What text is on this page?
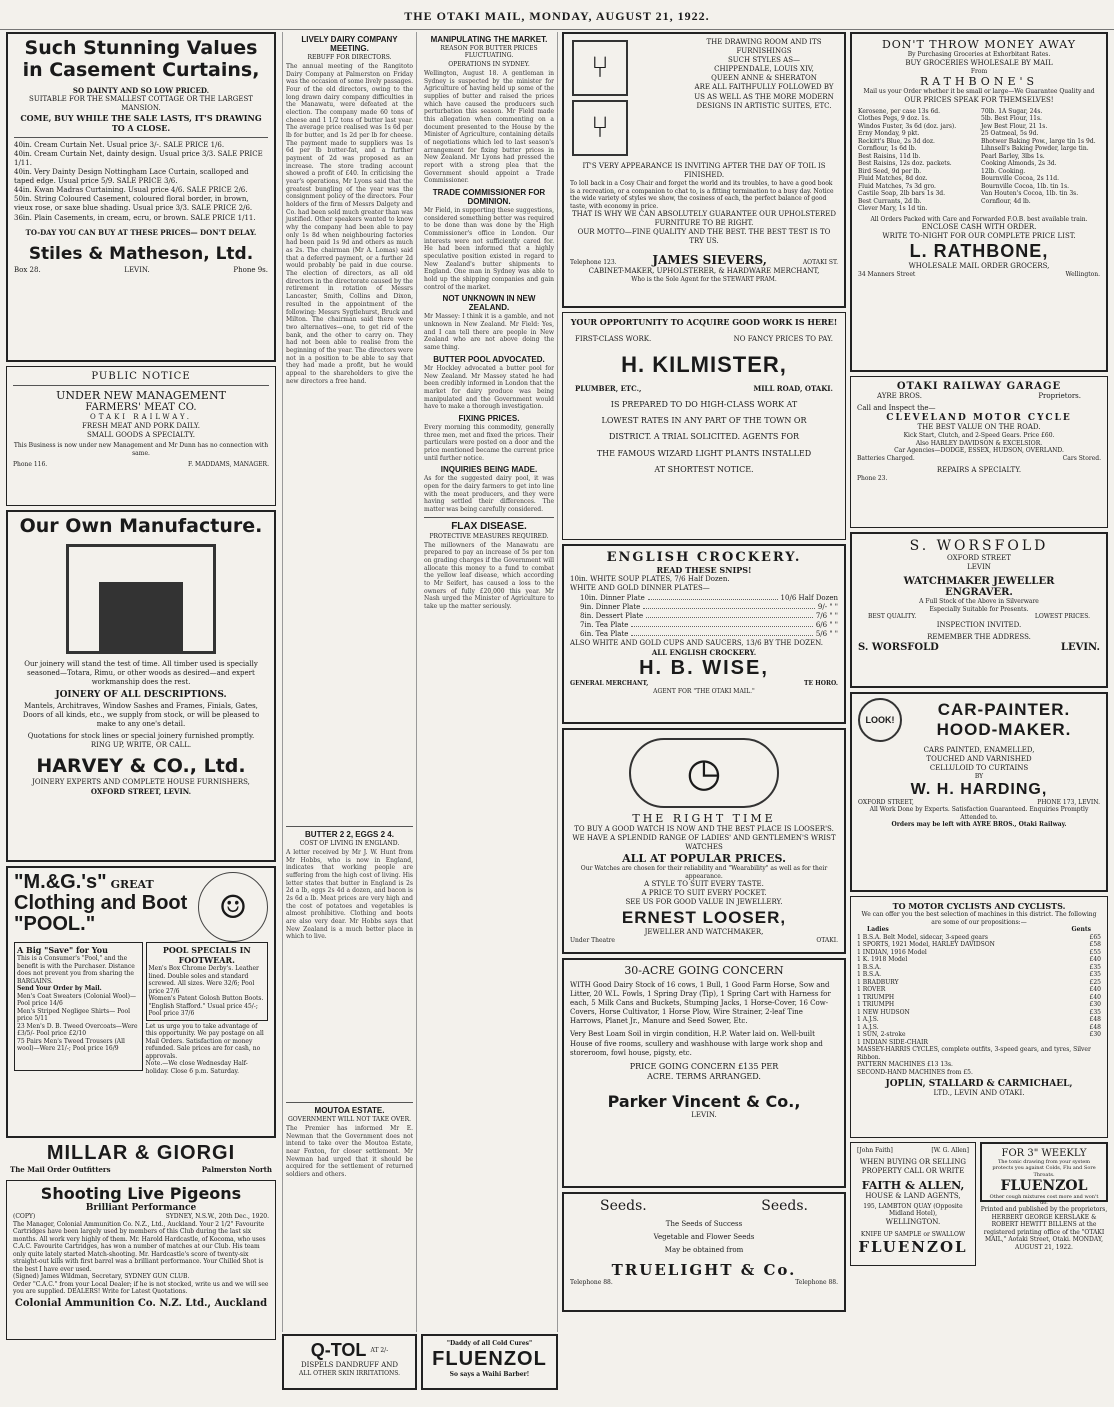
THE OTAKI MAIL, MONDAY, AUGUST 21, 1922.
Such Stunning Values in Casement Curtains,
SO DAINTY AND SO LOW PRICED.
SUITABLE FOR THE SMALLEST COTTAGE OR THE LARGEST MANSION.
COME, BUY WHILE THE SALE LASTS, IT'S DRAWING TO A CLOSE.
40in. Cream Curtain Net. Usual price 3/-. SALE PRICE 1/6.
40in. Cream Curtain Net, dainty design. Usual price 3/3. SALE PRICE 1/11.
40in. Very Dainty Design Nottingham Lace Curtain, scalloped and taped edge. Usual price 5/9. SALE PRICE 3/6.
44in. Kwan Madras Curtaining. Usual price 4/6. SALE PRICE 2/6.
50in. String Coloured Casement, coloured floral border, in brown, vieux rose, or saxe blue shading. Usual price 3/3. SALE PRICE 2/6.
36in. Plain Casements, in cream, ecru, or brown. SALE PRICE 1/11.
TO-DAY YOU CAN BUY AT THESE PRICES— DON'T DELAY.
Stiles & Matheson, Ltd.
Box 28.	LEVIN.	Phone 9s.
PUBLIC NOTICE
UNDER NEW MANAGEMENT
FARMERS' MEAT CO.
OTAKI RAILWAY.
FRESH MEAT AND PORK DAILY.
SMALL GOODS A SPECIALTY.
This Business is now under new Management and Mr Dunn has no connection with same.
Phone 116.	F. MADDAMS, MANAGER.
Our Own Manufacture.
Our joinery will stand the test of time. All timber used is specially seasoned—Totara, Rimu, or other woods as desired—and expert workmanship does the rest.
JOINERY OF ALL DESCRIPTIONS.
Mantels, Architraves, Window Sashes and Frames, Finials, Gates, Doors of all kinds, etc., we supply from stock, or will be pleased to make to any one's detail.
Quotations for stock lines or special joinery furnished promptly.
RING UP, WRITE, OR CALL.
HARVEY & CO., Ltd.
JOINERY EXPERTS AND COMPLETE HOUSE FURNISHERS,
OXFORD STREET, LEVIN.
☺
"M.&G.'s" GREAT
Clothing and Boot
"POOL."
A Big "Save" for You
This is a Consumer's "Pool," and the benefit is with the Purchaser. Distance does not prevent you from sharing the BARGAINS.
Send Your Order by Mail.
Men's Coat Sweaters (Colonial Wool)— Pool price 14/6
Men's Striped Negligee Shirts— Pool price 5/11
23 Men's D. B. Tweed Overcoats—Were £3/5/- Pool price £2/10
75 Pairs Men's Tweed Trousers (All wool)—Were 21/-; Pool price 16/9
POOL SPECIALS IN FOOTWEAR.
Men's Box Chrome Derby's. Leather lined. Double soles and standard screwed. All sizes. Were 32/6; Pool price 27/6
Women's Patent Golosh Button Boots. "English Stafford." Usual price 45/-; Pool price 37/6
Let us urge you to take advantage of this opportunity. We pay postage on all Mail Orders. Satisfaction or money refunded. Sale prices are for cash, no approvals.
Note.—We close Wednesday Half-holiday. Close 6 p.m. Saturday.
MILLAR & GIORGI
The Mail Order Outfitters	Palmerston North
Shooting Live Pigeons
Brilliant Performance
(COPY)	SYDNEY, N.S.W., 20th Dec., 1920.
The Manager, Colonial Ammunition Co. N.Z., Ltd., Auckland. Your 2 1/2" Favourite Cartridges have been largely used by members of this Club during the last six months. All work very highly of them. Mr. Harold Hardcastle, of Kocoma, who uses C.A.C. Favourite Cartridges, has won a number of matches at our Club. His team only quite lately started Match-shooting. Mr. Hardcastle's score of twenty-six straight-out kills with first barrel was a brilliant performance. Your Chilled Shot is the best I have ever used.
(Signed) James Wildman, Secretary, SYDNEY GUN CLUB.
Order "C.A.C." from your Local Dealer; if he is not stocked, write us and we will see you are supplied. DEALERS! Write for Latest Quotations.
Colonial Ammunition Co. N.Z. Ltd., Auckland
LIVELY DAIRY COMPANY MEETING.
REBUFF FOR DIRECTORS.
The annual meeting of the Rangitoto Dairy Company at Palmerston on Friday was the occasion of some lively passages. Four of the old directors, owing to the long drawn dairy company difficulties in the Manawatu, were defeated at the election. The company made 60 tons of cheese and 1 1/2 tons of butter last year. The average price realised was 1s 6d per lb for butter, and 1s 2d per lb for cheese. The payment made to suppliers was 1s 6d per lb butter-fat, and a further payment of 2d was proposed as an increase. The store trading account showed a profit of £40. In criticising the year's operations, Mr Lyons said that the greatest bungling of the year was the consignment policy of the directors. Four holders of the firm of Messrs Dalgety and Co. had been sold much greater than was justified. Other speakers wanted to know why the company had been able to pay only 1s 8d when neighbouring factories had been paid 1s 9d and others as much as 2s. The chairman (Mr A. Lomas) said that a deferred payment, or a further 2d would probably be paid in due course. The election of directors, as all old directors in the directorate caused by the retirement in rotation of Messrs Lancaster, Smith, Collins and Dixon, resulted in the appointment of the following: Messrs Sygtlehurst, Bruck and Milton. The chairman said there were two alternatives—one, to get rid of the bank, and the other to carry on. They had not been able to realise from the beginning of the year. The directors were not in a position to be able to say that they had made a profit, but he would appeal to the shareholders to give the new directors a free hand.
BUTTER 2 2, EGGS 2 4.
COST OF LIVING IN ENGLAND.
A letter received by Mr J. W. Hunt from Mr Hobbs, who is now in England, indicates that working people are suffering from the high cost of living. His letter states that butter in England is 2s 2d a lb, eggs 2s 4d a dozen, and bacon is 2s 6d a lb. Meat prices are very high and the cost of potatoes and vegetables is almost prohibitive. Clothing and boots are also very dear. Mr Hobbs says that New Zealand is a much better place in which to live.
MOUTOA ESTATE.
GOVERNMENT WILL NOT TAKE OVER.
The Premier has informed Mr E. Newman that the Government does not intend to take over the Moutoa Estate, near Foxton, for closer settlement. Mr Newman had urged that it should be acquired for the settlement of returned soldiers and others.
MANIPULATING THE MARKET.
REASON FOR BUTTER PRICES FLUCTUATING.
OPERATIONS IN SYDNEY.
Wellington, August 18. A gentleman in Sydney is suspected by the minister for Agriculture of having held up some of the supplies of butter and raised the prices which have caused the producers such perturbation this season. Mr Field made this allegation when commenting on a document presented to the House by the Minister of Agriculture, containing details of negotiations which led to last season's arrangement for fixing butter prices in New Zealand. Mr Lyons had pressed the report with a strong plea that the Government should appoint a Trade Commissioner.
TRADE COMMISSIONER FOR DOMINION.
Mr Field, in supporting these suggestions, considered something better was required to be done than was done by the High Commissioner's office in London. Our interests were not sufficiently cared for. He had been informed that a highly speculative position existed in regard to New Zealand's butter shipments to England. One man in Sydney was able to hold up the shipping companies and gain control of the market.
NOT UNKNOWN IN NEW ZEALAND.
Mr Massey: I think it is a gamble, and not unknown in New Zealand. Mr Field: Yes, and I can tell there are people in New Zealand who are not above doing the same thing.
BUTTER POOL ADVOCATED.
Mr Hockley advocated a butter pool for New Zealand. Mr Massey stated he had been credibly informed in London that the market for dairy produce was being manipulated and the Government would have to make a thorough investigation.
FIXING PRICES.
Every morning this commodity, generally three men, met and fixed the prices. Their particulars were posted on a door and the price mentioned became the current price until further notice.
INQUIRIES BEING MADE.
As for the suggested dairy pool, it was open for the dairy farmers to get into line with the meat producers, and they were having settled their differences. The matter was being carefully considered.
FLAX DISEASE.
PROTECTIVE MEASURES REQUIRED.
The millowners of the Manawatu are prepared to pay an increase of 5s per ton on grading charges if the Government will allocate this money to a fund to combat the yellow leaf disease, which according to Mr Seifert, has caused a loss to the owners of fully £20,000 this year. Mr Nash urged the Minister of Agriculture to take up the matter seriously.
⑂ ⑂
THE DRAWING ROOM AND ITS FURNISHINGS
SUCH STYLES AS—
CHIPPENDALE, LOUIS XIV,
QUEEN ANNE & SHERATON
ARE ALL FAITHFULLY FOLLOWED BY US AS WELL AS THE MORE MODERN DESIGNS IN ARTISTIC SUITES, ETC.
IT'S VERY APPEARANCE IS INVITING AFTER THE DAY OF TOIL IS FINISHED.
To loll back in a Cosy Chair and forget the world and its troubles, to have a good book is a recreation, or a companion to chat to, is a fitting termination to a busy day. Notice the wide variety of styles we show, the cosiness of each, the perfect balance of good taste, with economy in price.
THAT IS WHY WE CAN ABSOLUTELY GUARANTEE OUR UPHOLSTERED FURNITURE TO BE RIGHT.
OUR MOTTO—FINE QUALITY AND THE BEST. THE BEST TEST IS TO TRY US.
Telephone 123.	JAMES SIEVERS,	AOTAKI ST.
CABINET-MAKER, UPHOLSTERER, & HARDWARE MERCHANT,
Who is the Sole Agent for the STEWART PRAM.
YOUR OPPORTUNITY TO ACQUIRE GOOD WORK IS HERE!
FIRST-CLASS WORK.	NO FANCY PRICES TO PAY.
H. KILMISTER,
PLUMBER, ETC.,	MILL ROAD, OTAKI.
IS PREPARED TO DO HIGH-CLASS WORK AT
LOWEST RATES IN ANY PART OF THE TOWN OR
DISTRICT. A TRIAL SOLICITED. AGENTS FOR
THE FAMOUS WIZARD LIGHT PLANTS INSTALLED
AT SHORTEST NOTICE.
ENGLISH CROCKERY.
READ THESE SNIPS!
10in. WHITE SOUP PLATES, 7/6 Half Dozen.
WHITE AND GOLD DINNER PLATES—
10in. Dinner Plate	10/6 Half Dozen
9in. Dinner Plate	9/- " "
8in. Dessert Plate	7/6 " "
7in. Tea Plate	6/6 " "
6in. Tea Plate	5/6 " "
ALSO WHITE AND GOLD CUPS AND SAUCERS, 13/6 BY THE DOZEN.
ALL ENGLISH CROCKERY.
H. B. WISE,
GENERAL MERCHANT,	TE HORO.
AGENT FOR "THE OTAKI MAIL."
◷
THE RIGHT TIME
TO BUY A GOOD WATCH IS NOW AND THE BEST PLACE IS LOOSER'S.
WE HAVE A SPLENDID RANGE OF LADIES' AND GENTLEMEN'S WRIST WATCHES
ALL AT POPULAR PRICES.
Our Watches are chosen for their reliability and "Wearability" as well as for their appearance.
A STYLE TO SUIT EVERY TASTE.
A PRICE TO SUIT EVERY POCKET.
SEE US FOR GOOD VALUE IN JEWELLERY.
ERNEST LOOSER,
JEWELLER AND WATCHMAKER,
Under Theatre	OTAKI.
30-ACRE GOING CONCERN
WITH Good Dairy Stock of 16 cows, 1 Bull, 1 Good Farm Horse, Sow and Litter, 20 W.L. Fowls, 1 Spring Dray (Tip), 1 Spring Cart with Harness for each, 5 Milk Cans and Buckets, Stumping Jacks, 1 Horse-Cover, 16 Cow-Covers, Horse Cultivator, 1 Horse Plow, Wire Strainer, 2-leaf Tine Harrows, Planet Jr., Manure and Seed Sower, Etc.
Very Best Loam Soil in virgin condition, H.P. Water laid on. Well-built House of five rooms, scullery and washhouse with large work shop and storeroom, fowl house, pigsty, etc.
PRICE GOING CONCERN £135 PER
ACRE. TERMS ARRANGED.
Parker Vincent & Co.,
LEVIN.
Seeds.	Seeds.
The Seeds of Success
Vegetable and Flower Seeds
May be obtained from
TRUELIGHT & Co.
Telephone 88.	Telephone 88.
DON'T THROW MONEY AWAY
By Purchasing Groceries at Exhorbitant Rates.
BUY GROCERIES WHOLESALE BY MAIL
From
RATHBONE'S
Mail us your Order whether it be small or large—We Guarantee Quality and
OUR PRICES SPEAK FOR THEMSELVES!
Kerosene, per case 13s 6d.
Clothes Pegs, 9 doz. 1s.
Windos Fuster, 3s 6d (doz. jars).
Erny Monday, 9 pkt.
Reckitt's Blue, 2s 3d doz.
Cornflour, 1s 6d lb.
Best Raisins, 11d lb.
Best Raisins, 12s doz. packets.
Bird Seed, 9d per lb.
Fluid Matches, 8d doz.
Fluid Matches, 7s 3d gro.
Castile Soap, 2lb bars 1s 3d.
Best Currants, 2d lb.
Clever Mary, 1s 1d tin.
70lb. 1A Sugar, 24s.
5lb. Best Flour, 11s.
Jew Best Flour, 21 1s.
25 Oatmeal, 5s 9d.
Bhotwer Baking Pow., large tin 1s 9d.
Lihnsell's Baking Powder, large tin.
Pearl Barley, 3lbs 1s.
Cooking Almonds, 2s 3d.
12lb. Cooking.
Bournville Cocoa, 2s 11d.
Bournville Cocoa, 1lb. tin 1s.
Van Houten's Cocoa, 1lb. tin 3s.
Cornflour, 4d lb.
All Orders Packed with Care and Forwarded F.O.B. best available train.
ENCLOSE CASH WITH ORDER.
WRITE TO-NIGHT FOR OUR COMPLETE PRICE LIST.
L. RATHBONE,
WHOLESALE MAIL ORDER GROCERS,
34 Manners Street	Wellington.
OTAKI RAILWAY GARAGE
AYRE BROS.	Proprietors.
Call and Inspect the—
CLEVELAND MOTOR CYCLE
THE BEST VALUE ON THE ROAD.
Kick Start, Clutch, and 2-Speed Gears. Price £60.
Also HARLEY DAVIDSON & EXCELSIOR.
Car Agencies—DODGE, ESSEX, HUDSON, OVERLAND.
Batteries Charged.	Cars Stored.
REPAIRS A SPECIALTY.
Phone 23.
S. WORSFOLD
OXFORD STREET
LEVIN
WATCHMAKER JEWELLER
ENGRAVER.
A Full Stock of the Above in Silverware
Especially Suitable for Presents.
BEST QUALITY.	LOWEST PRICES.
INSPECTION INVITED.
REMEMBER THE ADDRESS.
S. WORSFOLD	LEVIN.
LOOK!
CAR-PAINTER.
HOOD-MAKER.
CARS PAINTED, ENAMELLED,
TOUCHED AND VARNISHED
CELLULOID TO CURTAINS
BY
W. H. HARDING,
OXFORD STREET,	PHONE 173, LEVIN.
All Work Done by Experts. Satisfaction Guaranteed. Enquiries Promptly Attended to.
Orders may be left with AYRE BROS., Otaki Railway.
TO MOTOR CYCLISTS AND CYCLISTS.
We can offer you the best selection of machines in this district. The following are some of our propositions:—
Ladies	Gents
1 B.S.A. Belt Model, sidecar, 3-speed gears	£65
1 SPORTS, 1921 Model, HARLEY DAVIDSON	£58
1 INDIAN, 1916 Model	£55
1 K. 1918 Model	£40
1 B.S.A.	£35
1 B.S.A.	£35
1 BRADBURY	£25
1 ROVER	£40
1 TRIUMPH	£40
1 TRIUMPH	£30
1 NEW HUDSON	£35
1 A.J.S.	£48
1 A.J.S.	£48
1 SUN, 2-stroke	£30
1 INDIAN SIDE-CHAIR
MASSEY-HARRIS CYCLES, complete outfits, 3-speed gears, and tyres, Silver Ribbon.
PATTERN MACHINES £13 13s.
SECOND-HAND MACHINES from £5.
JOPLIN, STALLARD & CARMICHAEL,
LTD., LEVIN AND OTAKI.
[John Faith]	[W. G. Allen]
WHEN BUYING OR SELLING PROPERTY CALL OR WRITE
FAITH & ALLEN,
HOUSE & LAND AGENTS,
195, LAMBTON QUAY (Opposite Midland Hotel),
WELLINGTON.
KNIFE UP SAMPLE or SWALLOW
FLUENZOL
FOR 3" WEEKLY
The tonic drawing from your system protects you against Colds, Flu and Sore Throats.
FLUENZOL
Other cough mixtures cost more and won't do.
Printed and published by the proprietors, HERBERT GEORGE KERSLAKE & ROBERT HEWITT BILLENS at the registered printing office of the "OTAKI MAIL," Aotaki Street, Otaki. MONDAY, AUGUST 21, 1922.
Q-TOL AT 2/-
DISPELS DANDRUFF AND
ALL OTHER SKIN IRRITATIONS.
"Daddy of all Cold Cures"
FLUENZOL
So says a Waihi Barber!
